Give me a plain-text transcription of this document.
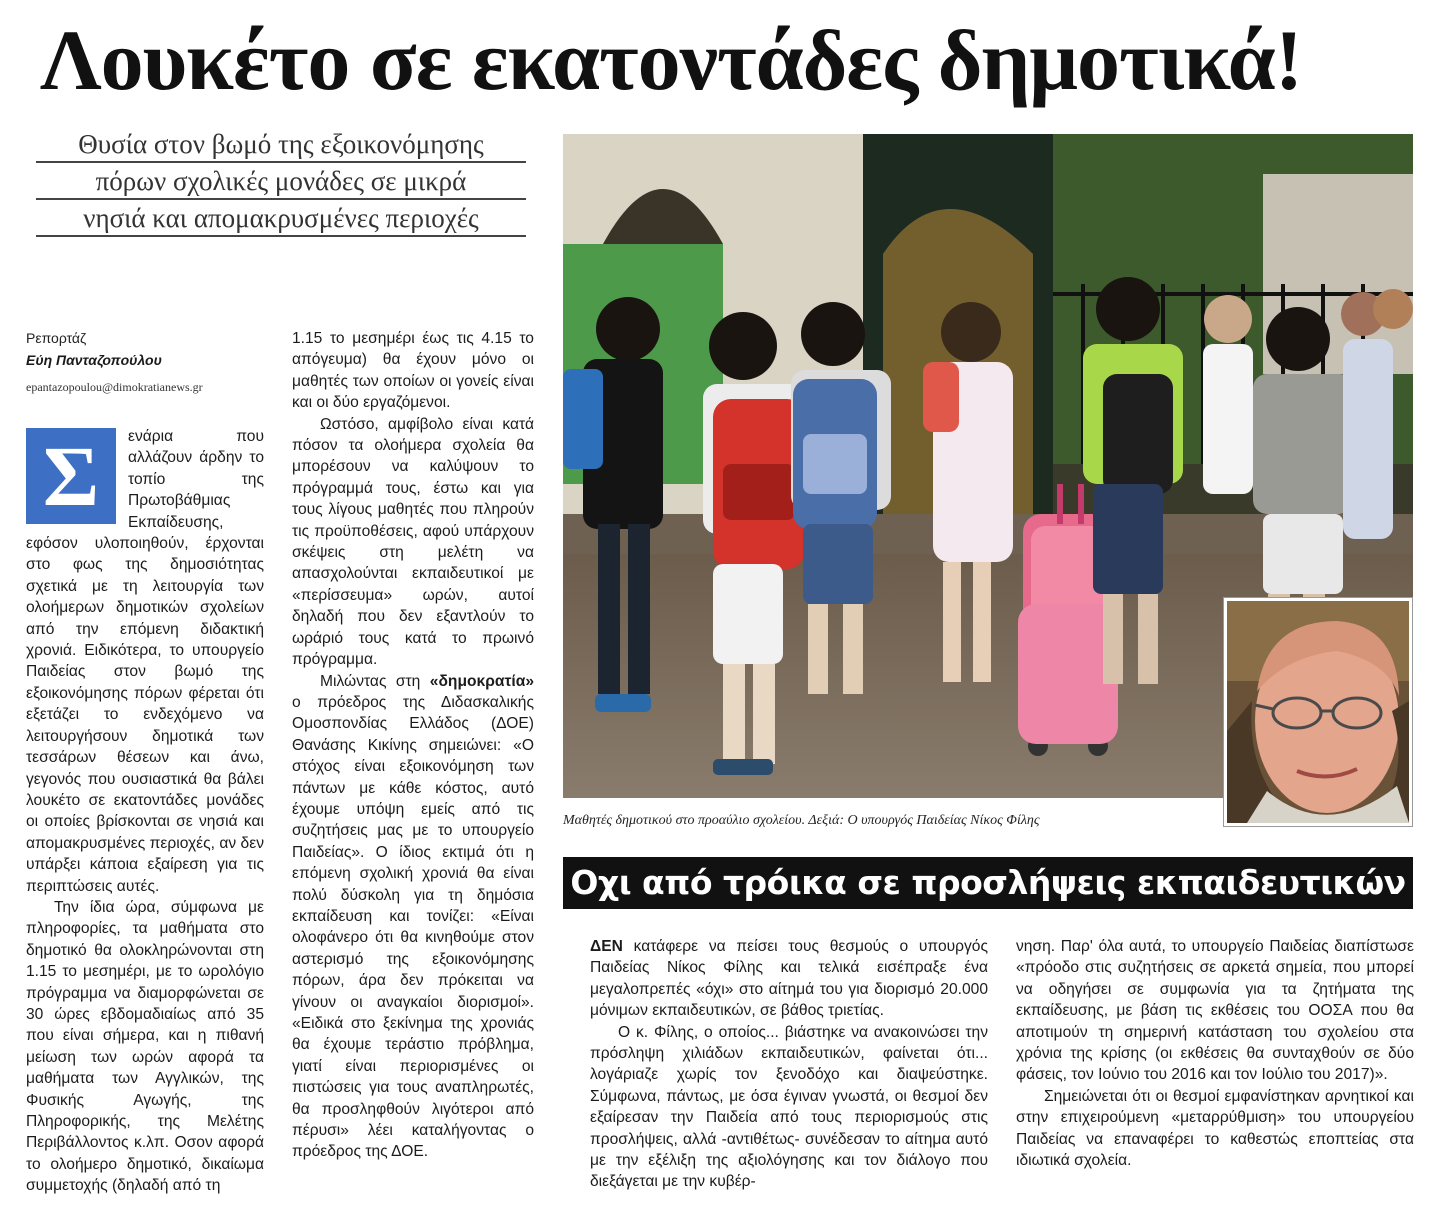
Λουκέτο σε εκατοντάδες δημοτικά!
Θυσία στον βωμό της εξοικονόμησης
πόρων σχολικές μονάδες σε μικρά
νησιά και απομακρυσμένες περιοχές
Ρεπορτάζ
Εύη Πανταζοπούλου
epantazopoulou@dimokratianews.gr

Σ	ενάρια που αλλάζουν άρδην το τοπίο της Πρωτοβάθμιας Εκπαίδευσης, εφόσον υλοποιηθούν, έρχονται στο φως της δημοσιότητας σχετικά με τη λειτουργία των ολοήμερων δημοτικών σχολείων από την επόμενη διδακτική χρονιά. Ειδικότερα, το υπουργείο Παιδείας στον βωμό της εξοικονόμησης πόρων φέρεται ότι εξετάζει το ενδεχόμενο να λειτουργήσουν δημοτικά των τεσσάρων θέσεων και άνω, γεγονός που ουσιαστικά θα βάλει λουκέτο σε εκατοντάδες μονάδες οι οποίες βρίσκονται σε νησιά και απομακρυσμένες περιοχές, αν δεν υπάρξει κάποια εξαίρεση για τις περιπτώσεις αυτές.

Την ίδια ώρα, σύμφωνα με πληροφορίες, τα μαθήματα στο δημοτικό θα ολοκληρώνονται στη 1.15 το μεσημέρι, με το ωρολόγιο πρόγραμμα να διαμορφώνεται σε 30 ώρες εβδομαδιαίως από 35 που είναι σήμερα, και η πιθανή μείωση των ωρών αφορά τα μαθήματα των Αγγλικών, της Φυσικής Αγωγής, της Πληροφορικής, της Μελέτης Περιβάλλοντος κ.λπ. Οσον αφορά το ολοήμερο δημοτικό, δικαίωμα συμμετοχής (δηλαδή από τη

1.15 το μεσημέρι έως τις 4.15 το απόγευμα) θα έχουν μόνο οι μαθητές των οποίων οι γονείς είναι και οι δύο εργαζόμενοι.

Ωστόσο, αμφίβολο είναι κατά πόσον τα ολοήμερα σχολεία θα μπορέσουν να καλύψουν το πρόγραμμά τους, έστω και για τους λίγους μαθητές που πληρούν τις προϋποθέσεις, αφού υπάρχουν σκέψεις στη μελέτη να απασχολούνται εκπαιδευτικοί με «περίσσευμα» ωρών, αυτοί δηλαδή που δεν εξαντλούν το ωράριό τους κατά το πρωινό πρόγραμμα.

Μιλώντας στη «δημοκρατία» ο πρόεδρος της Διδασκαλικής Ομοσπονδίας Ελλάδος (ΔΟΕ) Θανάσης Κικίνης σημειώνει: «Ο στόχος είναι εξοικονόμηση των πάντων με κάθε κόστος, αυτό έχουμε υπόψη εμείς από τις συζητήσεις μας με το υπουργείο Παιδείας». Ο ίδιος εκτιμά ότι η επόμενη σχολική χρονιά θα είναι πολύ δύσκολη για τη δημόσια εκπαίδευση και τονίζει: «Είναι ολοφάνερο ότι θα κινηθούμε στον αστερισμό της εξοικονόμησης πόρων, άρα δεν πρόκειται να γίνουν οι αναγκαίοι διορισμοί». «Ειδικά στο ξεκίνημα της χρονιάς θα έχουμε τεράστιο πρόβλημα, γιατί είναι περιορισμένες οι πιστώσεις για τους αναπληρωτές, θα προσληφθούν λιγότεροι από πέρυσι» λέει καταλήγοντας ο πρόεδρος της ΔΟΕ.

Μαθητές δημοτικού στο προαύλιο σχολείου. Δεξιά: Ο υπουργός Παιδείας Νίκος Φίλης
Οχι από τρόικα σε προσλήψεις εκπαιδευτικών

ΔΕΝ κατάφερε να πείσει τους θεσμούς ο υπουργός Παιδείας Νίκος Φίλης και τελικά εισέπραξε ένα μεγαλοπρεπές «όχι» στο αίτημά του για διορισμό 20.000 μόνιμων εκπαιδευτικών, σε βάθος τριετίας.

Ο κ. Φίλης, ο οποίος... βιάστηκε να ανακοινώσει την πρόσληψη χιλιάδων εκπαιδευτικών, φαίνεται ότι... λογάριαζε χωρίς τον ξενοδόχο και διαψεύστηκε. Σύμφωνα, πάντως, με όσα έγιναν γνωστά, οι θεσμοί δεν εξαίρεσαν την Παιδεία από τους περιορισμούς στις προσλήψεις, αλλά -αντιθέτως- συνέδεσαν το αίτημα αυτό με την εξέλιξη της αξιολόγησης και τον διάλογο που διεξάγεται με την κυβέρ-

νηση. Παρ' όλα αυτά, το υπουργείο Παιδείας διαπίστωσε «πρόοδο στις συζητήσεις σε αρκετά σημεία, που μπορεί να οδηγήσει σε συμφωνία για τα ζητήματα της εκπαίδευσης, με βάση τις εκθέσεις του ΟΟΣΑ που θα αποτιμούν τη σημερινή κατάσταση του σχολείου στα χρόνια της κρίσης (οι εκθέσεις θα συνταχθούν σε δύο φάσεις, τον Ιούνιο του 2016 και τον Ιούλιο του 2017)».

Σημειώνεται ότι οι θεσμοί εμφανίστηκαν αρνητικοί και στην επιχειρούμενη «μεταρρύθμιση» του υπουργείου Παιδείας να επαναφέρει το καθεστώς εποπτείας στα ιδιωτικά σχολεία.
